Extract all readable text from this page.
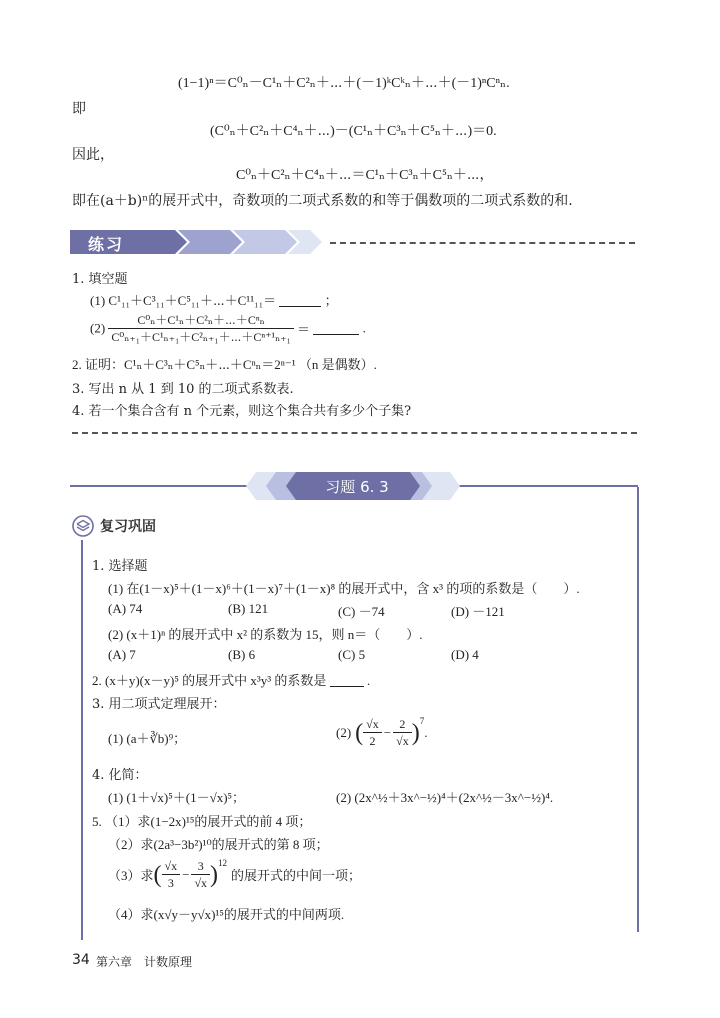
(1−1)ⁿ＝C⁰ₙ－C¹ₙ＋C²ₙ＋⋯＋(－1)ᵏCᵏₙ＋⋯＋(－1)ⁿCⁿₙ.
即
(C⁰ₙ＋C²ₙ＋C⁴ₙ＋⋯)－(C¹ₙ＋C³ₙ＋C⁵ₙ＋⋯)＝0.
因此，
C⁰ₙ＋C²ₙ＋C⁴ₙ＋⋯＝C¹ₙ＋C³ₙ＋C⁵ₙ＋⋯，
即在(a＋b)ⁿ的展开式中，奇数项的二项式系数的和等于偶数项的二项式系数的和.
练习
1. 填空题
(1) C¹₁₁＋C³₁₁＋C⁵₁₁＋⋯＋C¹¹₁₁＝	；
$(2) \frac{\text{C⁰ₙ＋C¹ₙ＋C²ₙ＋⋯＋Cⁿₙ}}{\text{C⁰ₙ₊₁＋C¹ₙ₊₁＋C²ₙ₊₁＋⋯＋Cⁿ⁺¹ₙ₊₁}}$ ＝	.
2. 证明：C¹ₙ＋C³ₙ＋C⁵ₙ＋⋯＋Cⁿₙ＝2ⁿ⁻¹ （n 是偶数）.
3. 写出 n 从 1 到 10 的二项式系数表.
4. 若一个集合含有 n 个元素，则这个集合共有多少个子集?
习题 6. 3
复习巩固
1. 选择题
(1) 在(1－x)⁵＋(1－x)⁶＋(1－x)⁷＋(1－x)⁸ 的展开式中，含 x³ 的项的系数是（　　）.
(A) 74	(B) 121	(C) －74	(D) －121
(2) (x＋1)ⁿ 的展开式中 x² 的系数为 15，则 n＝（　　）.
(A) 7	(B) 6	(C) 5	(D) 4
2. (x＋y)(x－y)⁵ 的展开式中 x³y³ 的系数是	.
3. 用二项式定理展开：
(1) (a＋∛b)⁹；	(2) ( $\frac{√x}{2} - \frac{2}{√x}$ ) 7
.
4. 化简：
(1) (1＋√x)⁵＋(1－√x)⁵；	(2) (2x^½＋3x^−½)⁴＋(2x^½－3x^−½)⁴.
5. （1）求(1−2x)¹⁵的展开式的前 4 项；
（2）求(2a³−3b²)¹⁰的展开式的第 8 项；
（3）求 ( $\frac{√x}{3} - \frac{3}{√x}$ ) 12
的展开式的中间一项；
（4）求(x√y－y√x)¹⁵的展开式的中间两项.
34 第六章　计数原理
